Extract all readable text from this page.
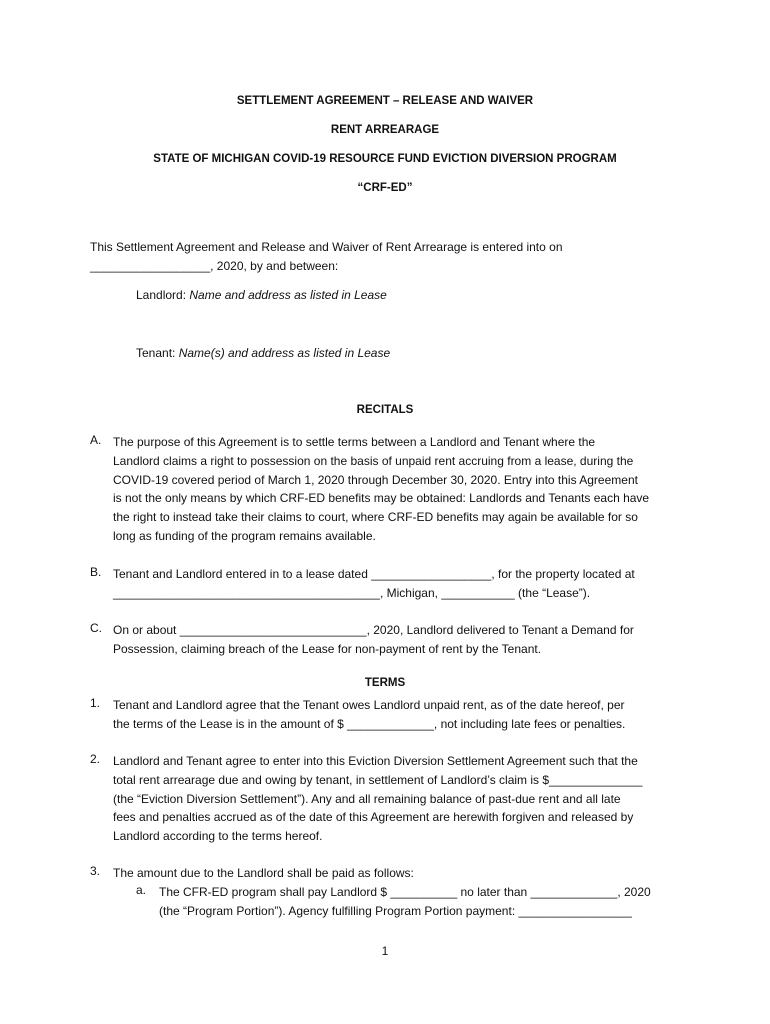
SETTLEMENT AGREEMENT – RELEASE AND WAIVER
RENT ARREARAGE
STATE OF MICHIGAN COVID-19 RESOURCE FUND EVICTION DIVERSION PROGRAM
“CRF-ED”
This Settlement Agreement and Release and Waiver of Rent Arrearage is entered into on
__________________, 2020, by and between:
Landlord: Name and address as listed in Lease
Tenant: Name(s) and address as listed in Lease
RECITALS
A. The purpose of this Agreement is to settle terms between a Landlord and Tenant where the
Landlord claims a right to possession on the basis of unpaid rent accruing from a lease, during the
COVID-19 covered period of March 1, 2020 through December 30, 2020. Entry into this Agreement
is not the only means by which CRF-ED benefits may be obtained: Landlords and Tenants each have
the right to instead take their claims to court, where CRF-ED benefits may again be available for so
long as funding of the program remains available.
B. Tenant and Landlord entered in to a lease dated __________________, for the property located at
________________________________________, Michigan, ___________ (the “Lease”).
C. On or about ____________________________, 2020, Landlord delivered to Tenant a Demand for
Possession, claiming breach of the Lease for non-payment of rent by the Tenant.
TERMS
1. Tenant and Landlord agree that the Tenant owes Landlord unpaid rent, as of the date hereof, per
the terms of the Lease is in the amount of $ _____________, not including late fees or penalties.
2. Landlord and Tenant agree to enter into this Eviction Diversion Settlement Agreement such that the
total rent arrearage due and owing by tenant, in settlement of Landlord’s claim is $______________
(the “Eviction Diversion Settlement”). Any and all remaining balance of past-due rent and all late
fees and penalties accrued as of the date of this Agreement are herewith forgiven and released by
Landlord according to the terms hereof.
3. The amount due to the Landlord shall be paid as follows:
a. The CFR-ED program shall pay Landlord $ __________ no later than _____________, 2020
(the “Program Portion”). Agency fulfilling Program Portion payment: _________________
1
